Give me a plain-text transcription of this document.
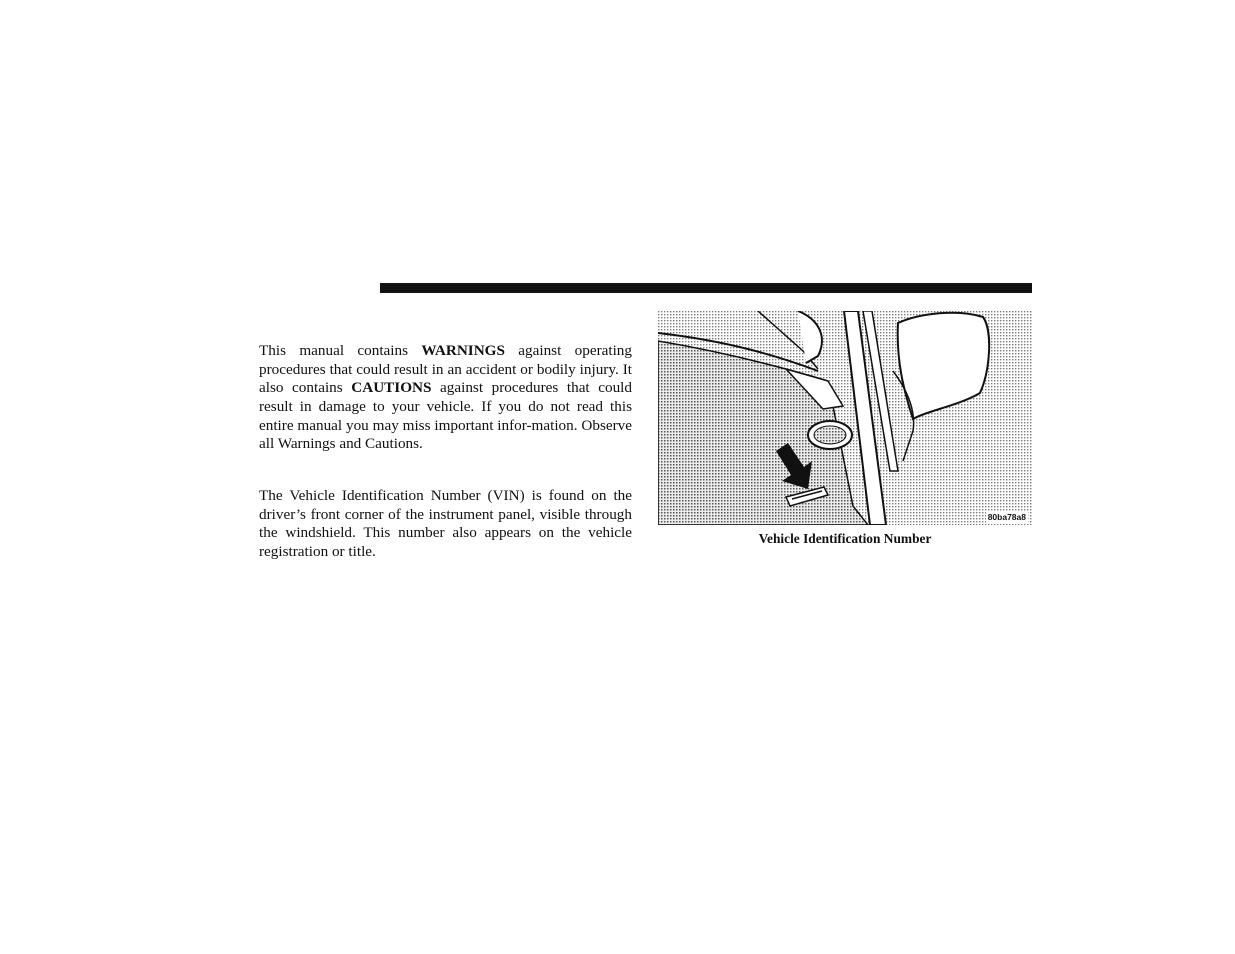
This manual contains WARNINGS against operating procedures that could result in an accident or bodily injury. It also contains CAUTIONS against procedures that could result in damage to your vehicle. If you do not read this entire manual you may miss important infor-mation. Observe all Warnings and Cautions.

The Vehicle Identification Number (VIN) is found on the driver’s front corner of the instrument panel, visible through the windshield. This number also appears on the vehicle registration or title.

80ba78a8
Vehicle Identification Number
